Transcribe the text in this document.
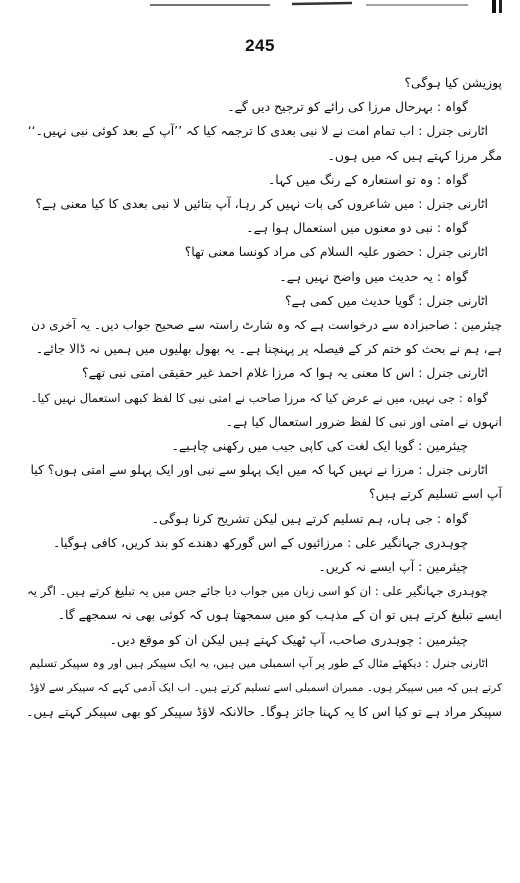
245

پوزیشن کیا ہوگی؟

گواہ : بہرحال مرزا کی رائے کو ترجیح دیں گے۔

اٹارنی جنرل : اب تمام امت نے لا نبی بعدی کا ترجمہ کیا کہ ’’آپ کے بعد کوئی نبی نہیں۔‘‘

مگر مرزا کہتے ہیں کہ میں ہوں۔

گواہ : وہ تو استعارہ کے رنگ میں کہا۔

اٹارنی جنرل : میں شاعروں کی بات نہیں کر رہا، آپ بتائیں لا نبی بعدی کا کیا معنی ہے؟

گواہ : نبی دو معنوں میں استعمال ہوا ہے۔

اٹارنی جنرل : حضور علیہ السلام کی مراد کونسا معنی تھا؟

گواہ : یہ حدیث میں واضح نہیں ہے۔

اٹارنی جنرل : گویا حدیث میں کمی ہے؟

چیئرمین : صاحبزادہ سے درخواست ہے کہ وہ شارٹ راستہ سے صحیح جواب دیں۔ یہ آخری دن

ہے، ہم نے بحث کو ختم کر کے فیصلہ پر پہنچنا ہے۔ یہ بھول بھلیوں میں ہمیں نہ ڈالا جائے۔

اٹارنی جنرل : اس کا معنی یہ ہوا کہ مرزا غلام احمد غیر حقیقی امتی نبی تھے؟

گواہ : جی نہیں، میں نے عرض کیا کہ مرزا صاحب نے امتی نبی کا لفظ کبھی استعمال نہیں کیا۔

انہوں نے امتی اور نبی کا لفظ ضرور استعمال کیا ہے۔

چیئرمین : گویا ایک لغت کی کاپی جیب میں رکھنی چاہیے۔

اٹارنی جنرل : مرزا نے نہیں کہا کہ میں ایک پہلو سے نبی اور ایک پہلو سے امتی ہوں؟ کیا

آپ اسے تسلیم کرتے ہیں؟

گواہ : جی ہاں، ہم تسلیم کرتے ہیں لیکن تشریح کرنا ہوگی۔

چوہدری جہانگیر علی : مرزائیوں کے اس گورکھ دھندے کو بند کریں، کافی ہوگیا۔

چیئرمین : آپ ایسے نہ کریں۔

چوہدری جہانگیر علی : ان کو اسی زبان میں جواب دیا جائے جس میں یہ تبلیغ کرتے ہیں۔ اگر یہ

ایسے تبلیغ کرتے ہیں تو ان کے مذہب کو میں سمجھتا ہوں کہ کوئی بھی نہ سمجھے گا۔

چیئرمین : چوہدری صاحب، آپ ٹھیک کہتے ہیں لیکن ان کو موقع دیں۔

اٹارنی جنرل : دیکھئے مثال کے طور پر آپ اسمبلی میں ہیں، یہ ایک سپیکر ہیں اور وہ سپیکر تسلیم

کرتے ہیں کہ میں سپیکر ہوں۔ ممبران اسمبلی اسے تسلیم کرتے ہیں۔ اب ایک آدمی کہے کہ سپیکر سے لاؤڈ

سپیکر مراد ہے تو کیا اس کا یہ کہنا جائز ہوگا۔ حالانکہ لاؤڈ سپیکر کو بھی سپیکر کہتے ہیں۔
